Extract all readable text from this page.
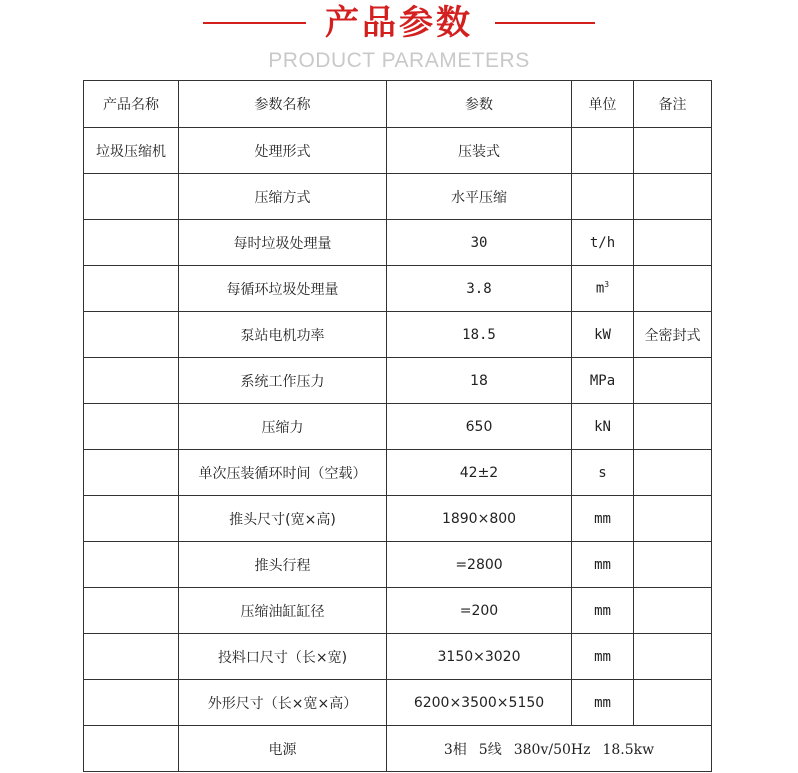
产品参数
PRODUCT PARAMETERS
产品名称	参数名称	参数	单位	备注
垃圾压缩机	处理形式	压装式		
	压缩方式	水平压缩		
	每时垃圾处理量	30	t/h	
	每循环垃圾处理量	3.8	$m^3$	
	泵站电机功率	18.5	kW	全密封式
	系统工作压力	18	MPa	
	压缩力	650	kN	
	单次压装循环时间（空载）	42±2	s	
	推头尺寸(宽×高)	1890×800	mm	
	推头行程	=2800	mm	
	压缩油缸缸径	=200	mm	
	投料口尺寸（长×宽)	3150×3020	mm	
	外形尺寸（长×宽×高）	6200×3500×5150	mm	
	电源	3相 5线 380v/50Hz 18.5kw		
